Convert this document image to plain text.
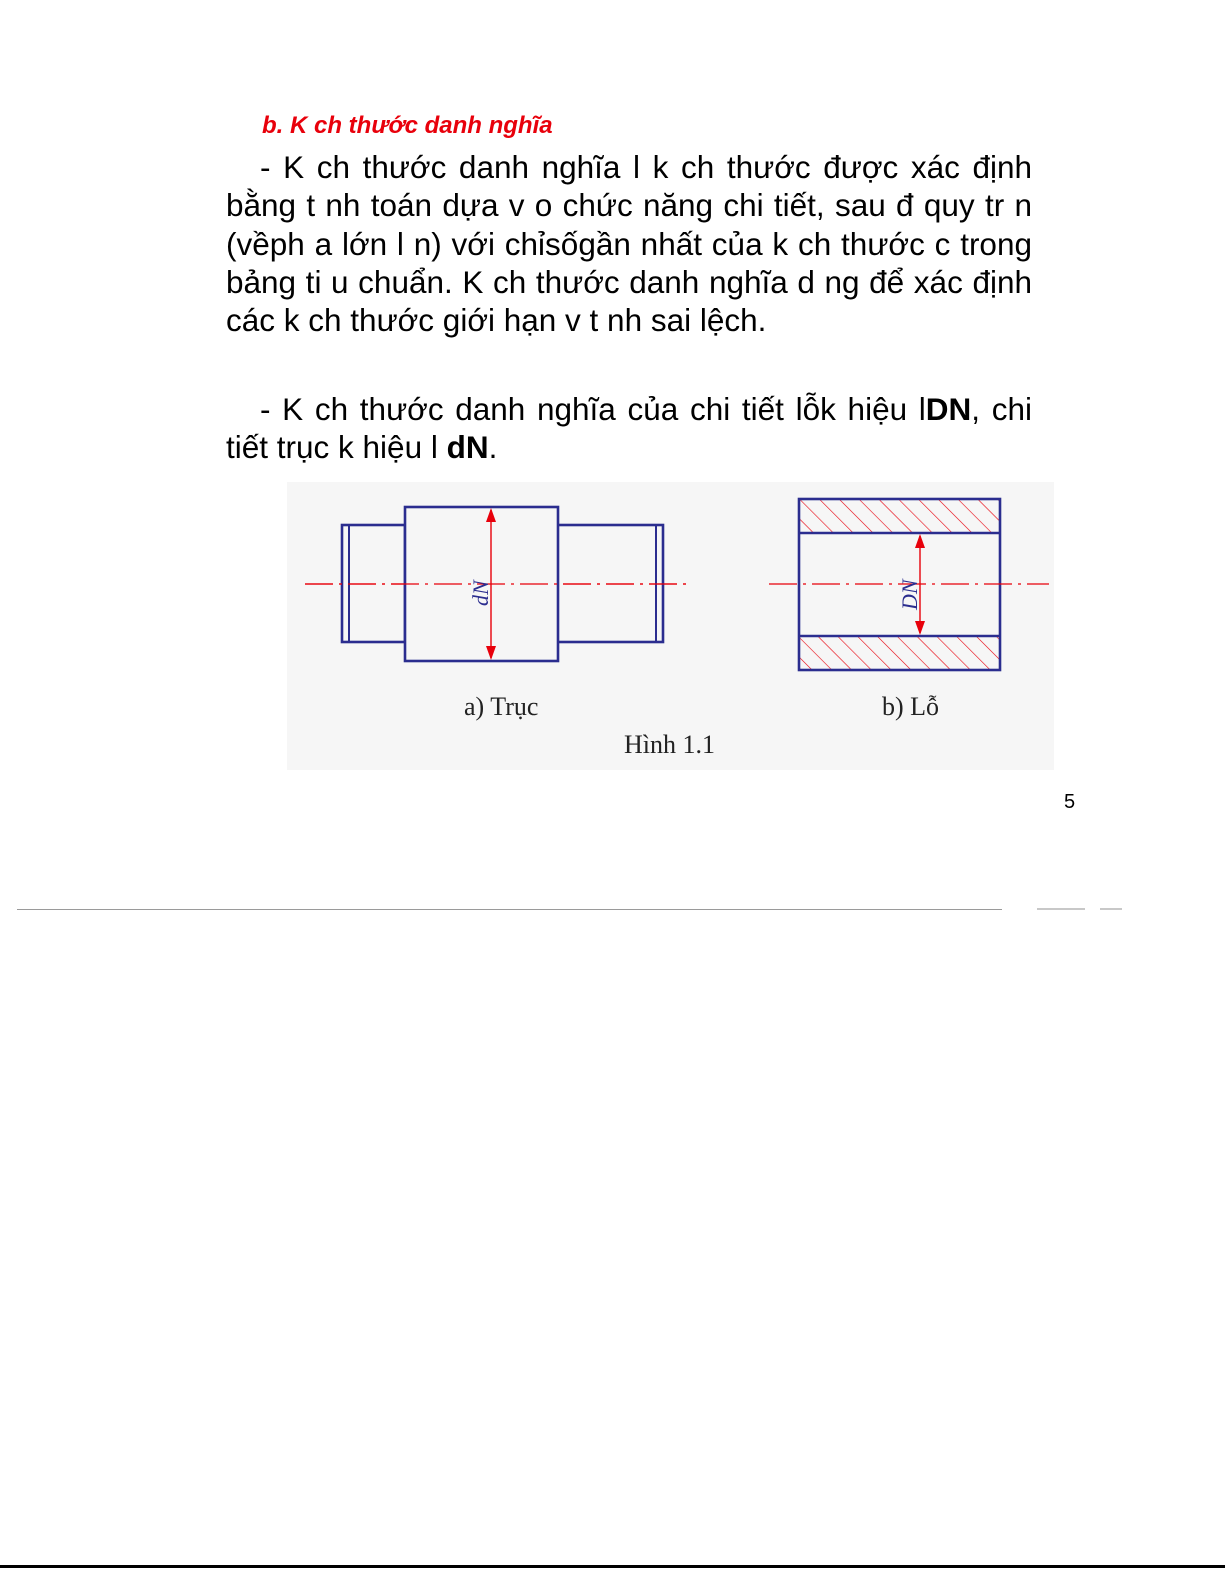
b. K ch thước danh nghĩa

- K ch thước danh nghĩa l k ch thước được xác định bằng t nh toán dựa v o chức năng chi tiết, sau đ quy tr n (vềph a lớn l n) với chỉsốgần nhất của k ch thước c trong bảng ti u chuẩn. K ch thước danh nghĩa d ng để xác định các k ch thước giới hạn v t nh sai lệch.

- K ch thước danh nghĩa của chi tiết lỗk hiệu lDN, chi tiết trục k hiệu l dN.

dN	DN

a) Trục	b) Lỗ

Hình 1.1

5
